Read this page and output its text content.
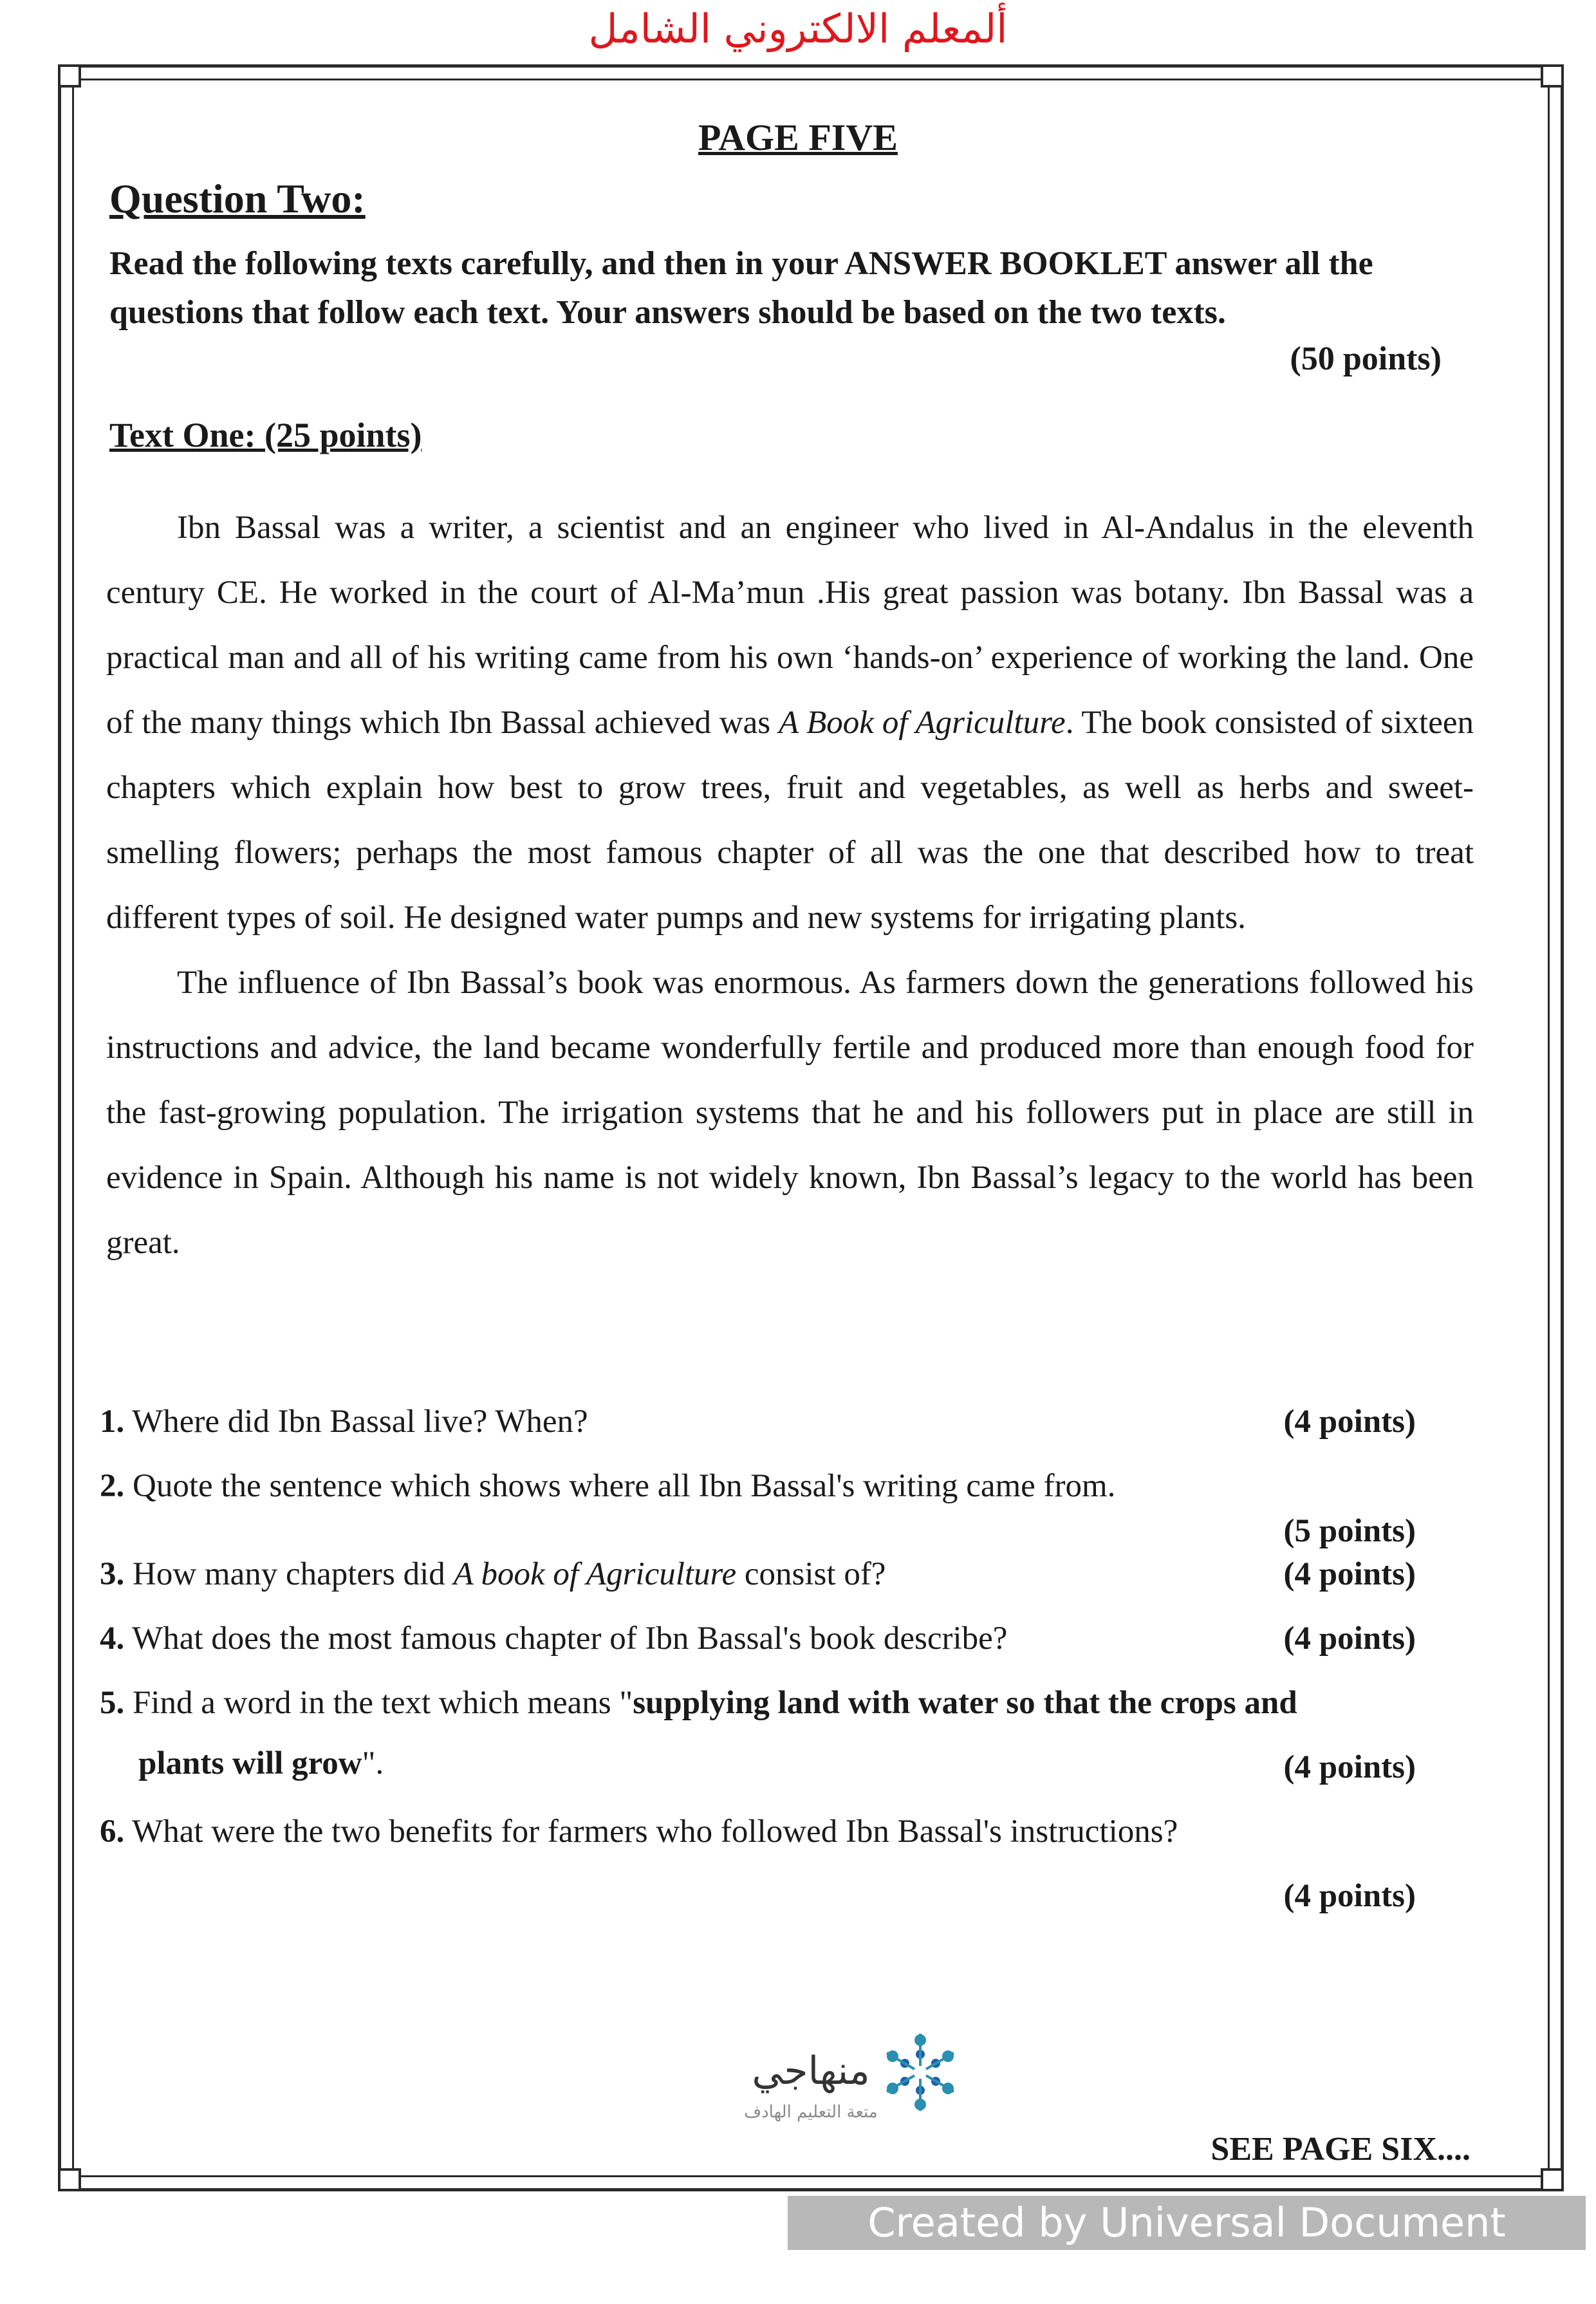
ألمعلم الالكتروني الشامل
PAGE FIVE
Question Two:
Read the following texts carefully, and then in your ANSWER BOOKLET answer all the questions that follow each text. Your answers should be based on the two texts.
(50 points)
Text One: (25 points)

Ibn Bassal was a writer, a scientist and an engineer who lived in Al-Andalus in the eleventh century CE. He worked in the court of Al-Ma’mun .His great passion was botany. Ibn Bassal was a practical man and all of his writing came from his own ‘hands-on’ experience of working the land. One of the many things which Ibn Bassal achieved was A Book of Agriculture. The book consisted of sixteen chapters which explain how best to grow trees, fruit and vegetables, as well as herbs and sweet-smelling flowers; perhaps the most famous chapter of all was the one that described how to treat different types of soil. He designed water pumps and new systems for irrigating plants.

The influence of Ibn Bassal’s book was enormous. As farmers down the generations followed his instructions and advice, the land became wonderfully fertile and produced more than enough food for the fast-growing population. The irrigation systems that he and his followers put in place are still in evidence in Spain. Although his name is not widely known, Ibn Bassal’s legacy to the world has been great.

1. Where did Ibn Bassal live? When?	(4 points)
2. Quote the sentence which shows where all Ibn Bassal's writing came from.
(5 points)
3. How many chapters did A book of Agriculture consist of?	(4 points)
4. What does the most famous chapter of Ibn Bassal's book describe?	(4 points)
5. Find a word in the text which means "supplying land with water so that the crops and
plants will grow".	(4 points)
6. What were the two benefits for farmers who followed Ibn Bassal's instructions?
(4 points)
منهاجي
متعة التعليم الهادف
SEE PAGE SIX....
Created by Universal Document Converter
